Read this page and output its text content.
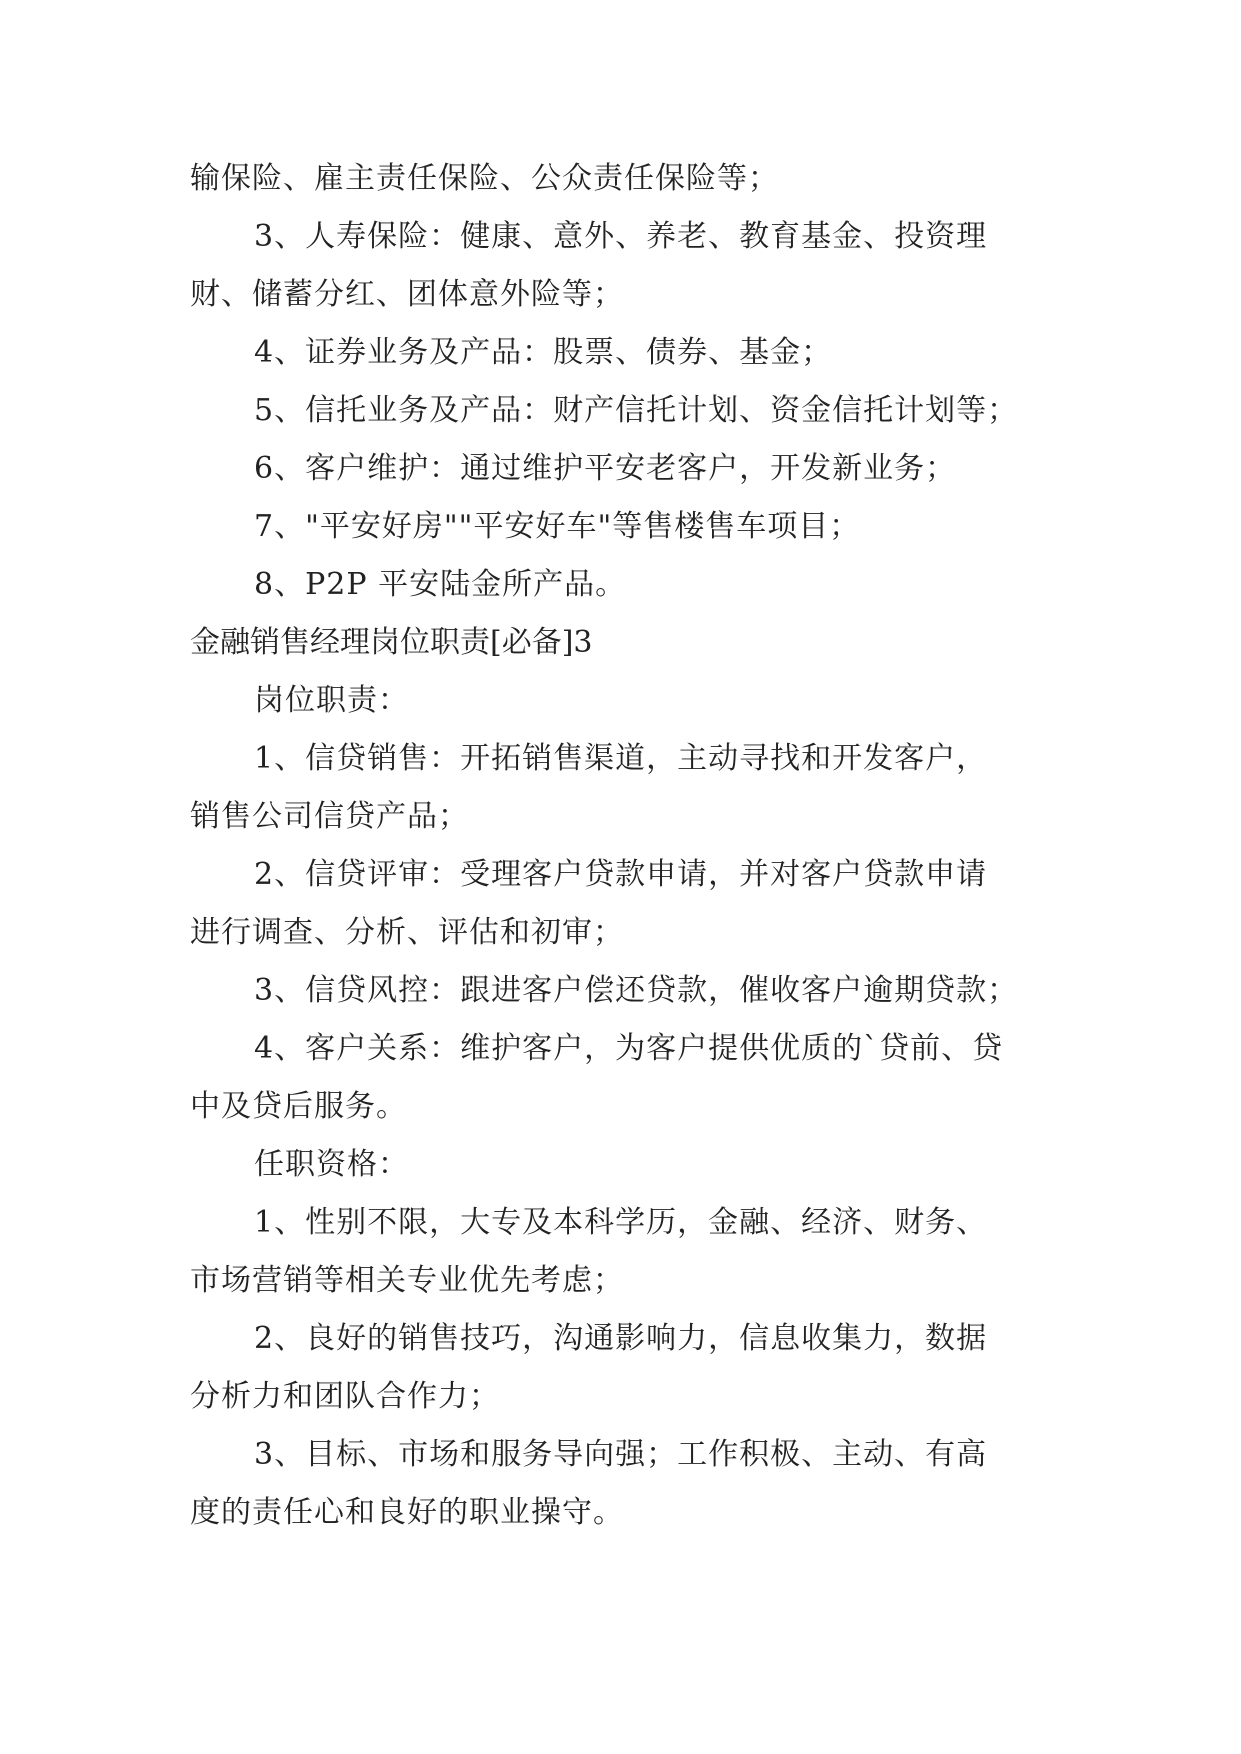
输保险、雇主责任保险、公众责任保险等；
3、人寿保险：健康、意外、养老、教育基金、投资理
财、储蓄分红、团体意外险等；
4、证券业务及产品：股票、债券、基金；
5、信托业务及产品：财产信托计划、资金信托计划等；
6、客户维护：通过维护平安老客户，开发新业务；
7、"平安好房""平安好车"等售楼售车项目；
8、P2P 平安陆金所产品。
金融销售经理岗位职责[必备]3
岗位职责：
1、信贷销售：开拓销售渠道，主动寻找和开发客户，
销售公司信贷产品；
2、信贷评审：受理客户贷款申请，并对客户贷款申请
进行调查、分析、评估和初审；
3、信贷风控：跟进客户偿还贷款，催收客户逾期贷款；
4、客户关系：维护客户，为客户提供优质的`贷前、贷
中及贷后服务。
任职资格：
1、性别不限，大专及本科学历，金融、经济、财务、
市场营销等相关专业优先考虑；
2、良好的销售技巧，沟通影响力，信息收集力，数据
分析力和团队合作力；
3、目标、市场和服务导向强；工作积极、主动、有高
度的责任心和良好的职业操守。
